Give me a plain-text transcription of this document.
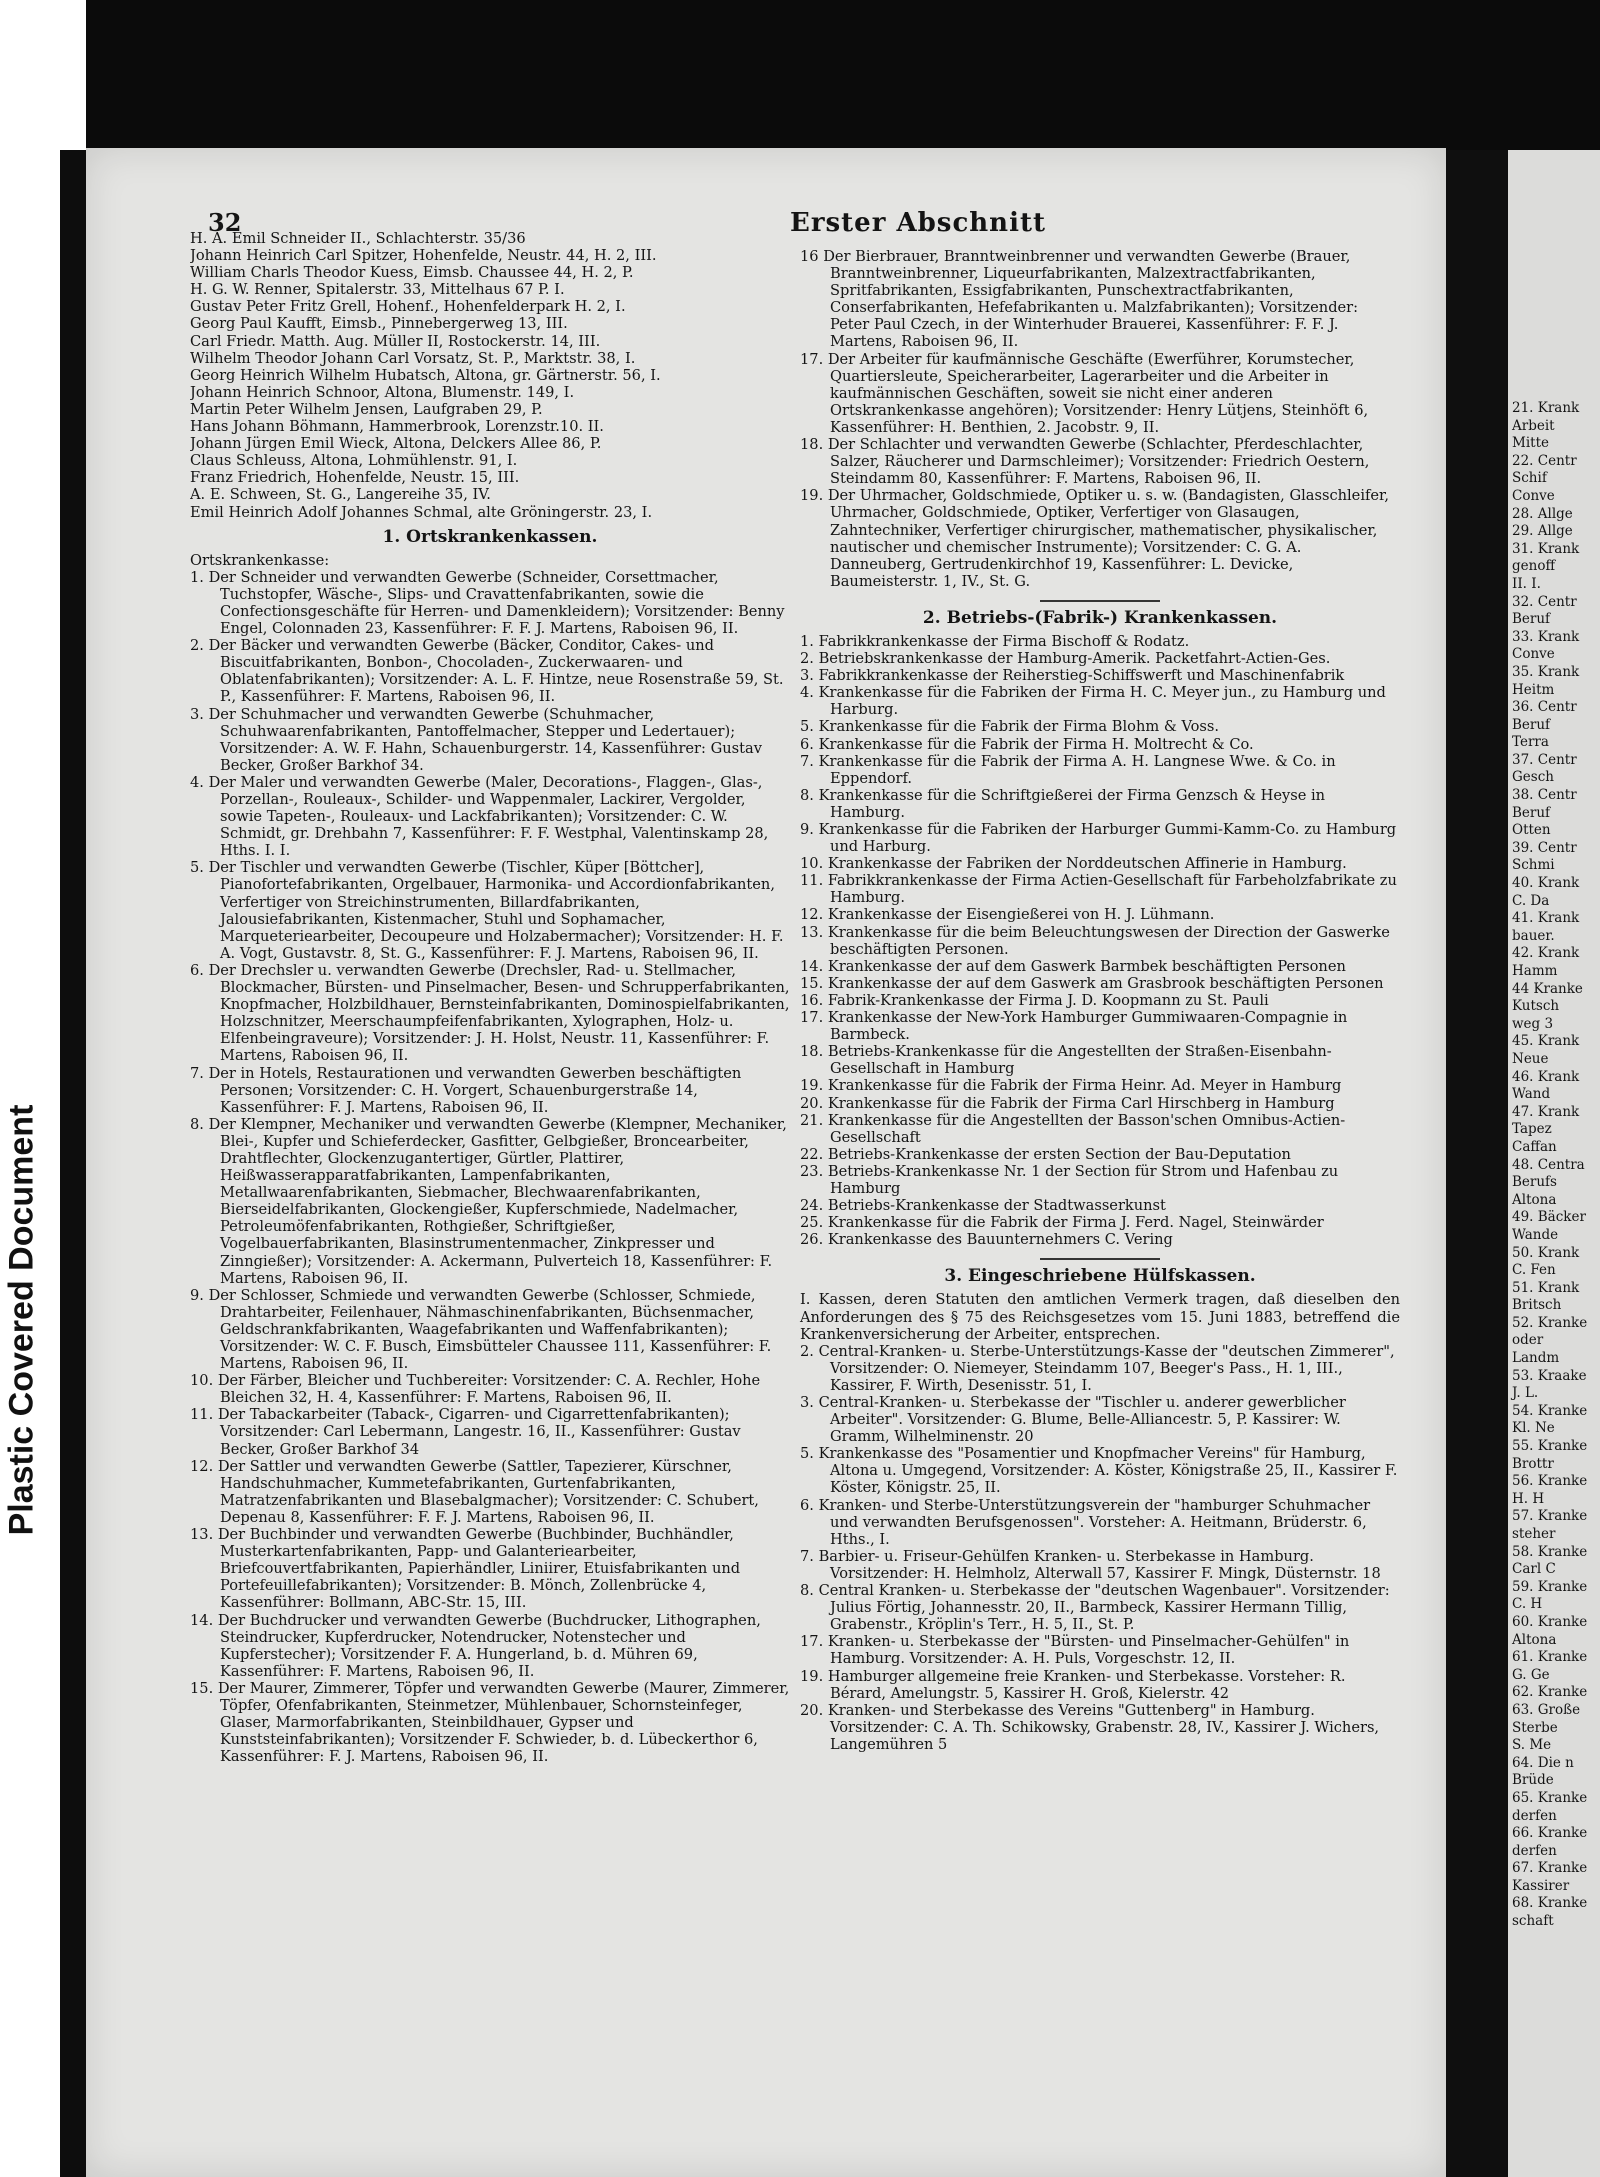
Plastic Covered Document
32	Erster Abschnitt
H. A. Emil Schneider II., Schlachterstr. 35/36
Johann Heinrich Carl Spitzer, Hohenfelde, Neustr. 44, H. 2, III.
William Charls Theodor Kuess, Eimsb. Chaussee 44, H. 2, P.
H. G. W. Renner, Spitalerstr. 33, Mittelhaus 67 P. I.
Gustav Peter Fritz Grell, Hohenf., Hohenfelderpark H. 2, I.
Georg Paul Kaufft, Eimsb., Pinnebergerweg 13, III.
Carl Friedr. Matth. Aug. Müller II, Rostockerstr. 14, III.
Wilhelm Theodor Johann Carl Vorsatz, St. P., Marktstr. 38, I.
Georg Heinrich Wilhelm Hubatsch, Altona, gr. Gärtnerstr. 56, I.
Johann Heinrich Schnoor, Altona, Blumenstr. 149, I.
Martin Peter Wilhelm Jensen, Laufgraben 29, P.
Hans Johann Böhmann, Hammerbrook, Lorenzstr.10. II.
Johann Jürgen Emil Wieck, Altona, Delckers Allee 86, P.
Claus Schleuss, Altona, Lohmühlenstr. 91, I.
Franz Friedrich, Hohenfelde, Neustr. 15, III.
A. E. Schween, St. G., Langereihe 35, IV.
Emil Heinrich Adolf Johannes Schmal, alte Gröningerstr. 23, I.
1. Ortskrankenkassen.
Ortskrankenkasse:
1. Der Schneider und verwandten Gewerbe (Schneider, Corsettmacher, Tuchstopfer, Wäsche-, Slips- und Cravattenfabrikanten, sowie die Confectionsgeschäfte für Herren- und Damenkleidern); Vorsitzender: Benny Engel, Colonnaden 23, Kassenführer: F. F. J. Martens, Raboisen 96, II.
2. Der Bäcker und verwandten Gewerbe (Bäcker, Conditor, Cakes- und Biscuitfabrikanten, Bonbon-, Chocoladen-, Zuckerwaaren- und Oblatenfabrikanten); Vorsitzender: A. L. F. Hintze, neue Rosenstraße 59, St. P., Kassenführer: F. Martens, Raboisen 96, II.
3. Der Schuhmacher und verwandten Gewerbe (Schuhmacher, Schuhwaarenfabrikanten, Pantoffelmacher, Stepper und Ledertauer); Vorsitzender: A. W. F. Hahn, Schauenburgerstr. 14, Kassenführer: Gustav Becker, Großer Barkhof 34.
4. Der Maler und verwandten Gewerbe (Maler, Decorations-, Flaggen-, Glas-, Porzellan-, Rouleaux-, Schilder- und Wappenmaler, Lackirer, Vergolder, sowie Tapeten-, Rouleaux- und Lackfabrikanten); Vorsitzender: C. W. Schmidt, gr. Drehbahn 7, Kassenführer: F. F. Westphal, Valentinskamp 28, Hths. I. I.
5. Der Tischler und verwandten Gewerbe (Tischler, Küper [Böttcher], Pianofortefabrikanten, Orgelbauer, Harmonika- und Accordionfabrikanten, Verfertiger von Streichinstrumenten, Billardfabrikanten, Jalousiefabrikanten, Kistenmacher, Stuhl und Sophamacher, Marqueteriearbeiter, Decoupeure und Holzabermacher); Vorsitzender: H. F. A. Vogt, Gustavstr. 8, St. G., Kassenführer: F. J. Martens, Raboisen 96, II.
6. Der Drechsler u. verwandten Gewerbe (Drechsler, Rad- u. Stellmacher, Blockmacher, Bürsten- und Pinselmacher, Besen- und Schrupperfabrikanten, Knopfmacher, Holzbildhauer, Bernsteinfabrikanten, Dominospielfabrikanten, Holzschnitzer, Meerschaumpfeifenfabrikanten, Xylographen, Holz- u. Elfenbeingraveure); Vorsitzender: J. H. Holst, Neustr. 11, Kassenführer: F. Martens, Raboisen 96, II.
7. Der in Hotels, Restaurationen und verwandten Gewerben beschäftigten Personen; Vorsitzender: C. H. Vorgert, Schauenburgerstraße 14, Kassenführer: F. J. Martens, Raboisen 96, II.
8. Der Klempner, Mechaniker und verwandten Gewerbe (Klempner, Mechaniker, Blei-, Kupfer und Schieferdecker, Gasfitter, Gelbgießer, Broncearbeiter, Drahtflechter, Glockenzugantertiger, Gürtler, Plattirer, Heißwasserapparatfabrikanten, Lampenfabrikanten, Metallwaarenfabrikanten, Siebmacher, Blechwaarenfabrikanten, Bierseidelfabrikanten, Glockengießer, Kupferschmiede, Nadelmacher, Petroleumöfenfabrikanten, Rothgießer, Schriftgießer, Vogelbauerfabrikanten, Blasinstrumentenmacher, Zinkpresser und Zinngießer); Vorsitzender: A. Ackermann, Pulverteich 18, Kassenführer: F. Martens, Raboisen 96, II.
9. Der Schlosser, Schmiede und verwandten Gewerbe (Schlosser, Schmiede, Drahtarbeiter, Feilenhauer, Nähmaschinenfabrikanten, Büchsenmacher, Geldschrankfabrikanten, Waagefabrikanten und Waffenfabrikanten); Vorsitzender: W. C. F. Busch, Eimsbütteler Chaussee 111, Kassenführer: F. Martens, Raboisen 96, II.
10. Der Färber, Bleicher und Tuchbereiter: Vorsitzender: C. A. Rechler, Hohe Bleichen 32, H. 4, Kassenführer: F. Martens, Raboisen 96, II.
11. Der Tabackarbeiter (Taback-, Cigarren- und Cigarrettenfabrikanten); Vorsitzender: Carl Lebermann, Langestr. 16, II., Kassenführer: Gustav Becker, Großer Barkhof 34
12. Der Sattler und verwandten Gewerbe (Sattler, Tapezierer, Kürschner, Handschuhmacher, Kummetefabrikanten, Gurtenfabrikanten, Matratzenfabrikanten und Blasebalgmacher); Vorsitzender: C. Schubert, Depenau 8, Kassenführer: F. F. J. Martens, Raboisen 96, II.
13. Der Buchbinder und verwandten Gewerbe (Buchbinder, Buchhändler, Musterkartenfabrikanten, Papp- und Galanteriearbeiter, Briefcouvertfabrikanten, Papierhändler, Liniirer, Etuisfabrikanten und Portefeuillefabrikanten); Vorsitzender: B. Mönch, Zollenbrücke 4, Kassenführer: Bollmann, ABC-Str. 15, III.
14. Der Buchdrucker und verwandten Gewerbe (Buchdrucker, Lithographen, Steindrucker, Kupferdrucker, Notendrucker, Notenstecher und Kupferstecher); Vorsitzender F. A. Hungerland, b. d. Mühren 69, Kassenführer: F. Martens, Raboisen 96, II.
15. Der Maurer, Zimmerer, Töpfer und verwandten Gewerbe (Maurer, Zimmerer, Töpfer, Ofenfabrikanten, Steinmetzer, Mühlenbauer, Schornsteinfeger, Glaser, Marmorfabrikanten, Steinbildhauer, Gypser und Kunststeinfabrikanten); Vorsitzender F. Schwieder, b. d. Lübeckerthor 6, Kassenführer: F. J. Martens, Raboisen 96, II.
16 Der Bierbrauer, Branntweinbrenner und verwandten Gewerbe (Brauer, Branntweinbrenner, Liqueurfabrikanten, Malzextractfabrikanten, Spritfabrikanten, Essigfabrikanten, Punschextractfabrikanten, Conserfabrikanten, Hefefabrikanten u. Malzfabrikanten); Vorsitzender: Peter Paul Czech, in der Winterhuder Brauerei, Kassenführer: F. F. J. Martens, Raboisen 96, II.
17. Der Arbeiter für kaufmännische Geschäfte (Ewerführer, Korumstecher, Quartiersleute, Speicherarbeiter, Lagerarbeiter und die Arbeiter in kaufmännischen Geschäften, soweit sie nicht einer anderen Ortskrankenkasse angehören); Vorsitzender: Henry Lütjens, Steinhöft 6, Kassenführer: H. Benthien, 2. Jacobstr. 9, II.
18. Der Schlachter und verwandten Gewerbe (Schlachter, Pferdeschlachter, Salzer, Räucherer und Darmschleimer); Vorsitzender: Friedrich Oestern, Steindamm 80, Kassenführer: F. Martens, Raboisen 96, II.
19. Der Uhrmacher, Goldschmiede, Optiker u. s. w. (Bandagisten, Glasschleifer, Uhrmacher, Goldschmiede, Optiker, Verfertiger von Glasaugen, Zahntechniker, Verfertiger chirurgischer, mathematischer, physikalischer, nautischer und chemischer Instrumente); Vorsitzender: C. G. A. Danneuberg, Gertrudenkirchhof 19, Kassenführer: L. Devicke, Baumeisterstr. 1, IV., St. G.
2. Betriebs-(Fabrik-) Krankenkassen.
1. Fabrikkrankenkasse der Firma Bischoff & Rodatz.
2. Betriebskrankenkasse der Hamburg-Amerik. Packetfahrt-Actien-Ges.
3. Fabrikkrankenkasse der Reiherstieg-Schiffswerft und Maschinenfabrik
4. Krankenkasse für die Fabriken der Firma H. C. Meyer jun., zu Hamburg und Harburg.
5. Krankenkasse für die Fabrik der Firma Blohm & Voss.
6. Krankenkasse für die Fabrik der Firma H. Moltrecht & Co.
7. Krankenkasse für die Fabrik der Firma A. H. Langnese Wwe. & Co. in Eppendorf.
8. Krankenkasse für die Schriftgießerei der Firma Genzsch & Heyse in Hamburg.
9. Krankenkasse für die Fabriken der Harburger Gummi-Kamm-Co. zu Hamburg und Harburg.
10. Krankenkasse der Fabriken der Norddeutschen Affinerie in Hamburg.
11. Fabrikkrankenkasse der Firma Actien-Gesellschaft für Farbeholzfabrikate zu Hamburg.
12. Krankenkasse der Eisengießerei von H. J. Lühmann.
13. Krankenkasse für die beim Beleuchtungswesen der Direction der Gaswerke beschäftigten Personen.
14. Krankenkasse der auf dem Gaswerk Barmbek beschäftigten Personen
15. Krankenkasse der auf dem Gaswerk am Grasbrook beschäftigten Personen
16. Fabrik-Krankenkasse der Firma J. D. Koopmann zu St. Pauli
17. Krankenkasse der New-York Hamburger Gummiwaaren-Compagnie in Barmbeck.
18. Betriebs-Krankenkasse für die Angestellten der Straßen-Eisenbahn-Gesellschaft in Hamburg
19. Krankenkasse für die Fabrik der Firma Heinr. Ad. Meyer in Hamburg
20. Krankenkasse für die Fabrik der Firma Carl Hirschberg in Hamburg
21. Krankenkasse für die Angestellten der Basson'schen Omnibus-Actien-Gesellschaft
22. Betriebs-Krankenkasse der ersten Section der Bau-Deputation
23. Betriebs-Krankenkasse Nr. 1 der Section für Strom und Hafenbau zu Hamburg
24. Betriebs-Krankenkasse der Stadtwasserkunst
25. Krankenkasse für die Fabrik der Firma J. Ferd. Nagel, Steinwärder
26. Krankenkasse des Bauunternehmers C. Vering
3. Eingeschriebene Hülfskassen.
I. Kassen, deren Statuten den amtlichen Vermerk tragen, daß dieselben den Anforderungen des § 75 des Reichsgesetzes vom 15. Juni 1883, betreffend die Krankenversicherung der Arbeiter, entsprechen.
2. Central-Kranken- u. Sterbe-Unterstützungs-Kasse der "deutschen Zimmerer", Vorsitzender: O. Niemeyer, Steindamm 107, Beeger's Pass., H. 1, III., Kassirer, F. Wirth, Desenisstr. 51, I.
3. Central-Kranken- u. Sterbekasse der "Tischler u. anderer gewerblicher Arbeiter". Vorsitzender: G. Blume, Belle-Alliancestr. 5, P. Kassirer: W. Gramm, Wilhelminenstr. 20
5. Krankenkasse des "Posamentier und Knopfmacher Vereins" für Hamburg, Altona u. Umgegend, Vorsitzender: A. Köster, Königstraße 25, II., Kassirer F. Köster, Königstr. 25, II.
6. Kranken- und Sterbe-Unterstützungsverein der "hamburger Schuhmacher und verwandten Berufsgenossen". Vorsteher: A. Heitmann, Brüderstr. 6, Hths., I.
7. Barbier- u. Friseur-Gehülfen Kranken- u. Sterbekasse in Hamburg. Vorsitzender: H. Helmholz, Alterwall 57, Kassirer F. Mingk, Düsternstr. 18
8. Central Kranken- u. Sterbekasse der "deutschen Wagenbauer". Vorsitzender: Julius Förtig, Johannesstr. 20, II., Barmbeck, Kassirer Hermann Tillig, Grabenstr., Kröplin's Terr., H. 5, II., St. P.
17. Kranken- u. Sterbekasse der "Bürsten- und Pinselmacher-Gehülfen" in Hamburg. Vorsitzender: A. H. Puls, Vorgeschstr. 12, II.
19. Hamburger allgemeine freie Kranken- und Sterbekasse. Vorsteher: R. Bérard, Amelungstr. 5, Kassirer H. Groß, Kielerstr. 42
20. Kranken- und Sterbekasse des Vereins "Guttenberg" in Hamburg. Vorsitzender: C. A. Th. Schikowsky, Grabenstr. 28, IV., Kassirer J. Wichers, Langemühren 5
21. Krank
Arbeit
Mitte
22. Centr
Schif
Conve
28. Allge
29. Allge
31. Krank
genoff
II. I.
32. Centr
Beruf
33. Krank
Conve
35. Krank
Heitm
36. Centr
Beruf
Terra
37. Centr
Gesch
38. Centr
Beruf
Otten
39. Centr
Schmi
40. Krank
C. Da
41. Krank
bauer.
42. Krank
Hamm
44 Kranke
Kutsch
weg 3
45. Krank
Neue
46. Krank
Wand
47. Krank
Tapez
Caffan
48. Centra
Berufs
Altona
49. Bäcker
Wande
50. Krank
C. Fen
51. Krank
Britsch
52. Kranke
oder
Landm
53. Kraake
J. L.
54. Kranke
Kl. Ne
55. Kranke
Brottr
56. Kranke
H. H
57. Kranke
steher
58. Kranke
Carl C
59. Kranke
C. H
60. Kranke
Altona
61. Kranke
G. Ge
62. Kranke
63. Große
Sterbe
S. Me
64. Die n
Brüde
65. Kranke
derfen
66. Kranke
derfen
67. Kranke
Kassirer
68. Kranke
schaft
